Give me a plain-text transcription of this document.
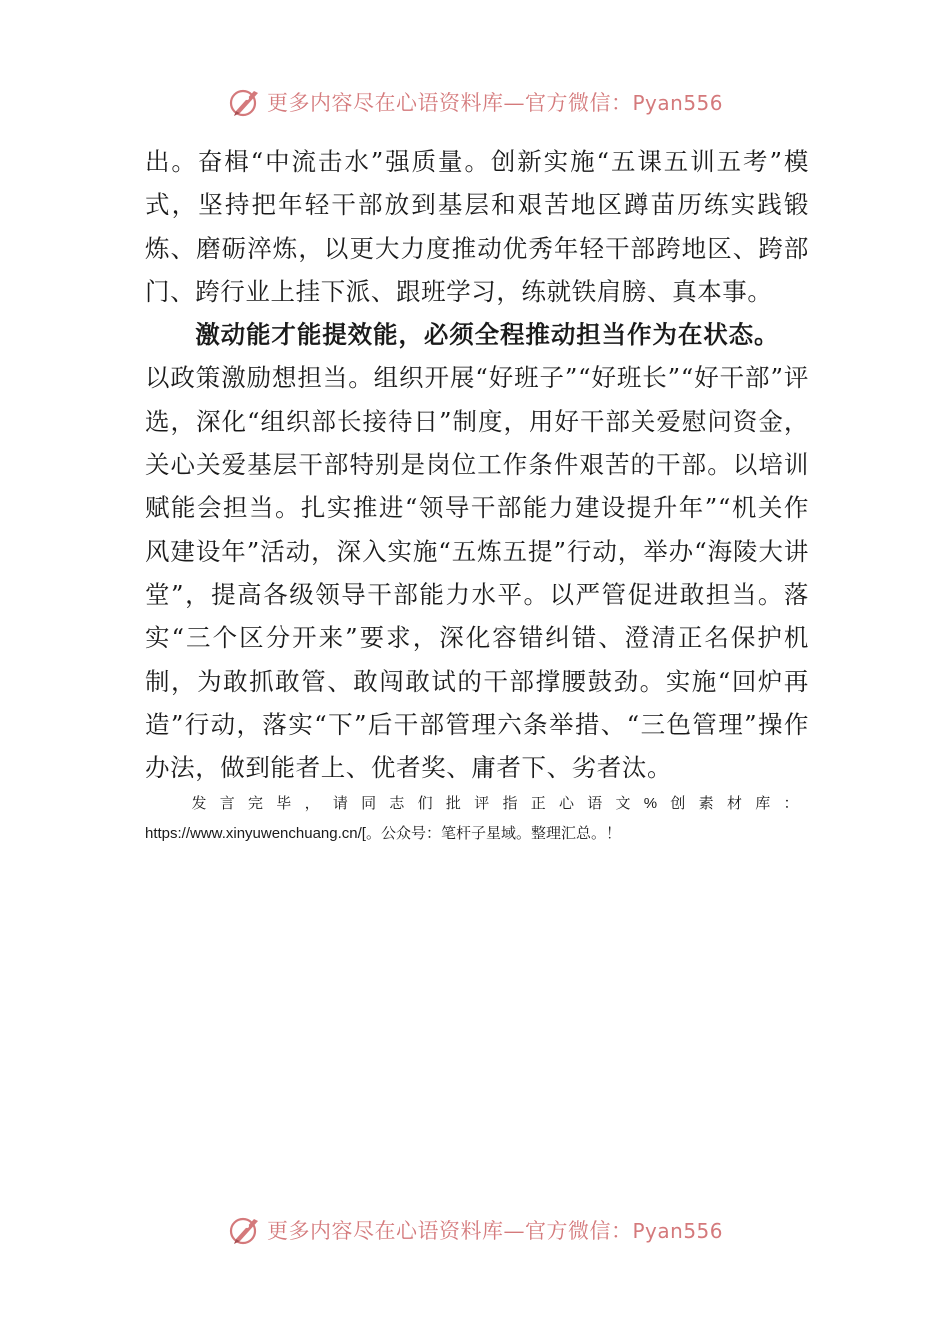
更多内容尽在心语资料库—官方微信：Pyan556

出。奋楫“中流击水”强质量。创新实施“五课五训五考”模式，坚持把年轻干部放到基层和艰苦地区蹲苗历练实践锻炼、磨砺淬炼，以更大力度推动优秀年轻干部跨地区、跨部门、跨行业上挂下派、跟班学习，练就铁肩膀、真本事。

激动能才能提效能，必须全程推动担当作为在状态。
以政策激励想担当。组织开展“好班子”“好班长”“好干部”评选，深化“组织部长接待日”制度，用好干部关爱慰问资金，关心关爱基层干部特别是岗位工作条件艰苦的干部。以培训赋能会担当。扎实推进“领导干部能力建设提升年”“机关作风建设年”活动，深入实施“五炼五提”行动，举办“海陵大讲堂”，提高各级领导干部能力水平。以严管促进敢担当。落实“三个区分开来”要求，深化容错纠错、澄清正名保护机制，为敢抓敢管、敢闯敢试的干部撑腰鼓劲。实施“回炉再造”行动，落实“下”后干部管理六条举措、“三色管理”操作办法，做到能者上、优者奖、庸者下、劣者汰。

发言完毕，请同志们批评指正心语文%创素材库：https://www.xinyuwenchuang.cn/[。公众号：笔杆子星域。整理汇总。！

更多内容尽在心语资料库—官方微信：Pyan556
